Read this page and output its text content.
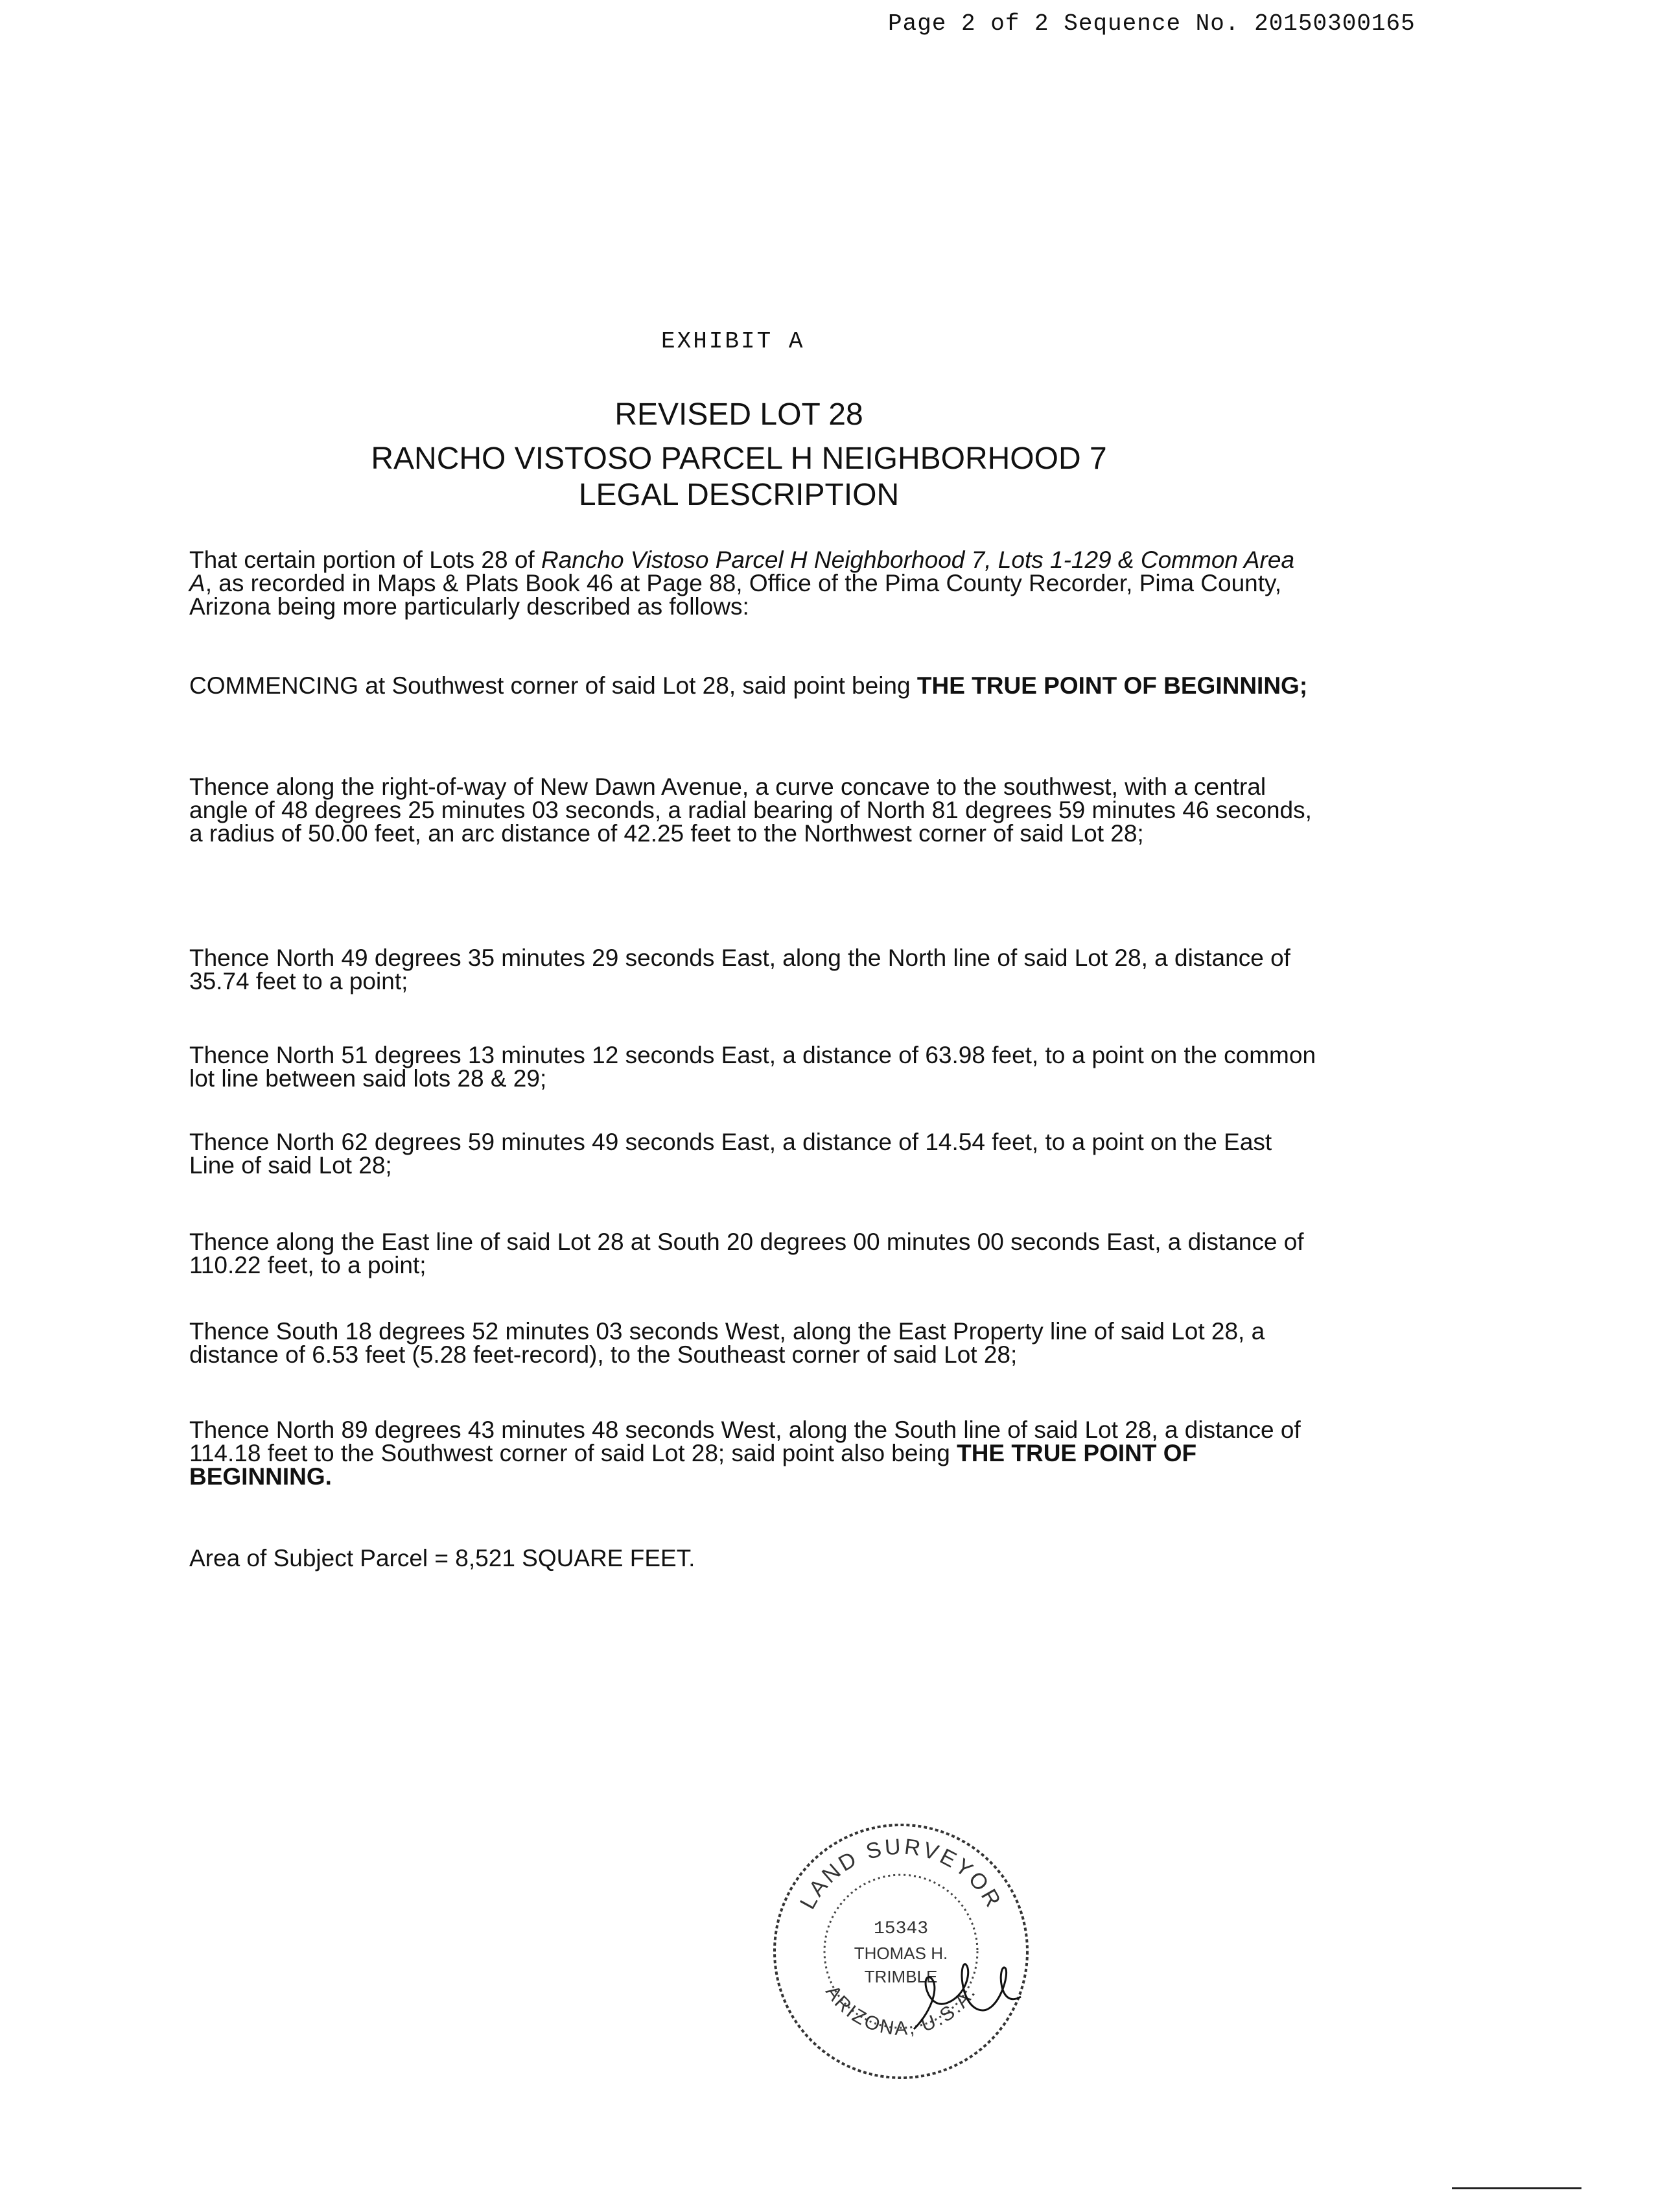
Page 2 of 2 Sequence No. 20150300165
EXHIBIT A
REVISED LOT 28
RANCHO VISTOSO PARCEL H NEIGHBORHOOD 7
LEGAL DESCRIPTION
That certain portion of Lots 28 of Rancho Vistoso Parcel H Neighborhood 7, Lots 1-129 & Common Area A, as recorded in Maps & Plats Book 46 at Page 88, Office of the Pima County Recorder, Pima County, Arizona being more particularly described as follows:
COMMENCING at Southwest corner of said Lot 28, said point being THE TRUE POINT OF BEGINNING;
Thence along the right-of-way of New Dawn Avenue, a curve concave to the southwest, with a central angle of 48 degrees 25 minutes 03 seconds, a radial bearing of North 81 degrees 59 minutes 46 seconds, a radius of 50.00 feet, an arc distance of 42.25 feet to the Northwest corner of said Lot 28;
Thence North 49 degrees 35 minutes 29 seconds East, along the North line of said Lot 28, a distance of 35.74 feet to a point;
Thence North 51 degrees 13 minutes 12 seconds East, a distance of 63.98 feet, to a point on the common lot line between said lots 28 & 29;
Thence North 62 degrees 59 minutes 49 seconds East, a distance of 14.54 feet, to a point on the East Line of said Lot 28;
Thence along the East line of said Lot 28 at South 20 degrees 00 minutes 00 seconds East, a distance of 110.22 feet, to a point;
Thence South 18 degrees 52 minutes 03 seconds West, along the East Property line of said Lot 28, a distance of 6.53 feet (5.28 feet-record), to the Southeast corner of said Lot 28;
Thence North 89 degrees 43 minutes 48 seconds West, along the South line of said Lot 28, a distance of 114.18 feet to the Southwest corner of said Lot 28; said point also being THE TRUE POINT OF BEGINNING.
Area of Subject Parcel = 8,521 SQUARE FEET.
LAND SURVEYOR
ARIZONA, U.S.A.
15343
THOMAS H.
TRIMBLE
